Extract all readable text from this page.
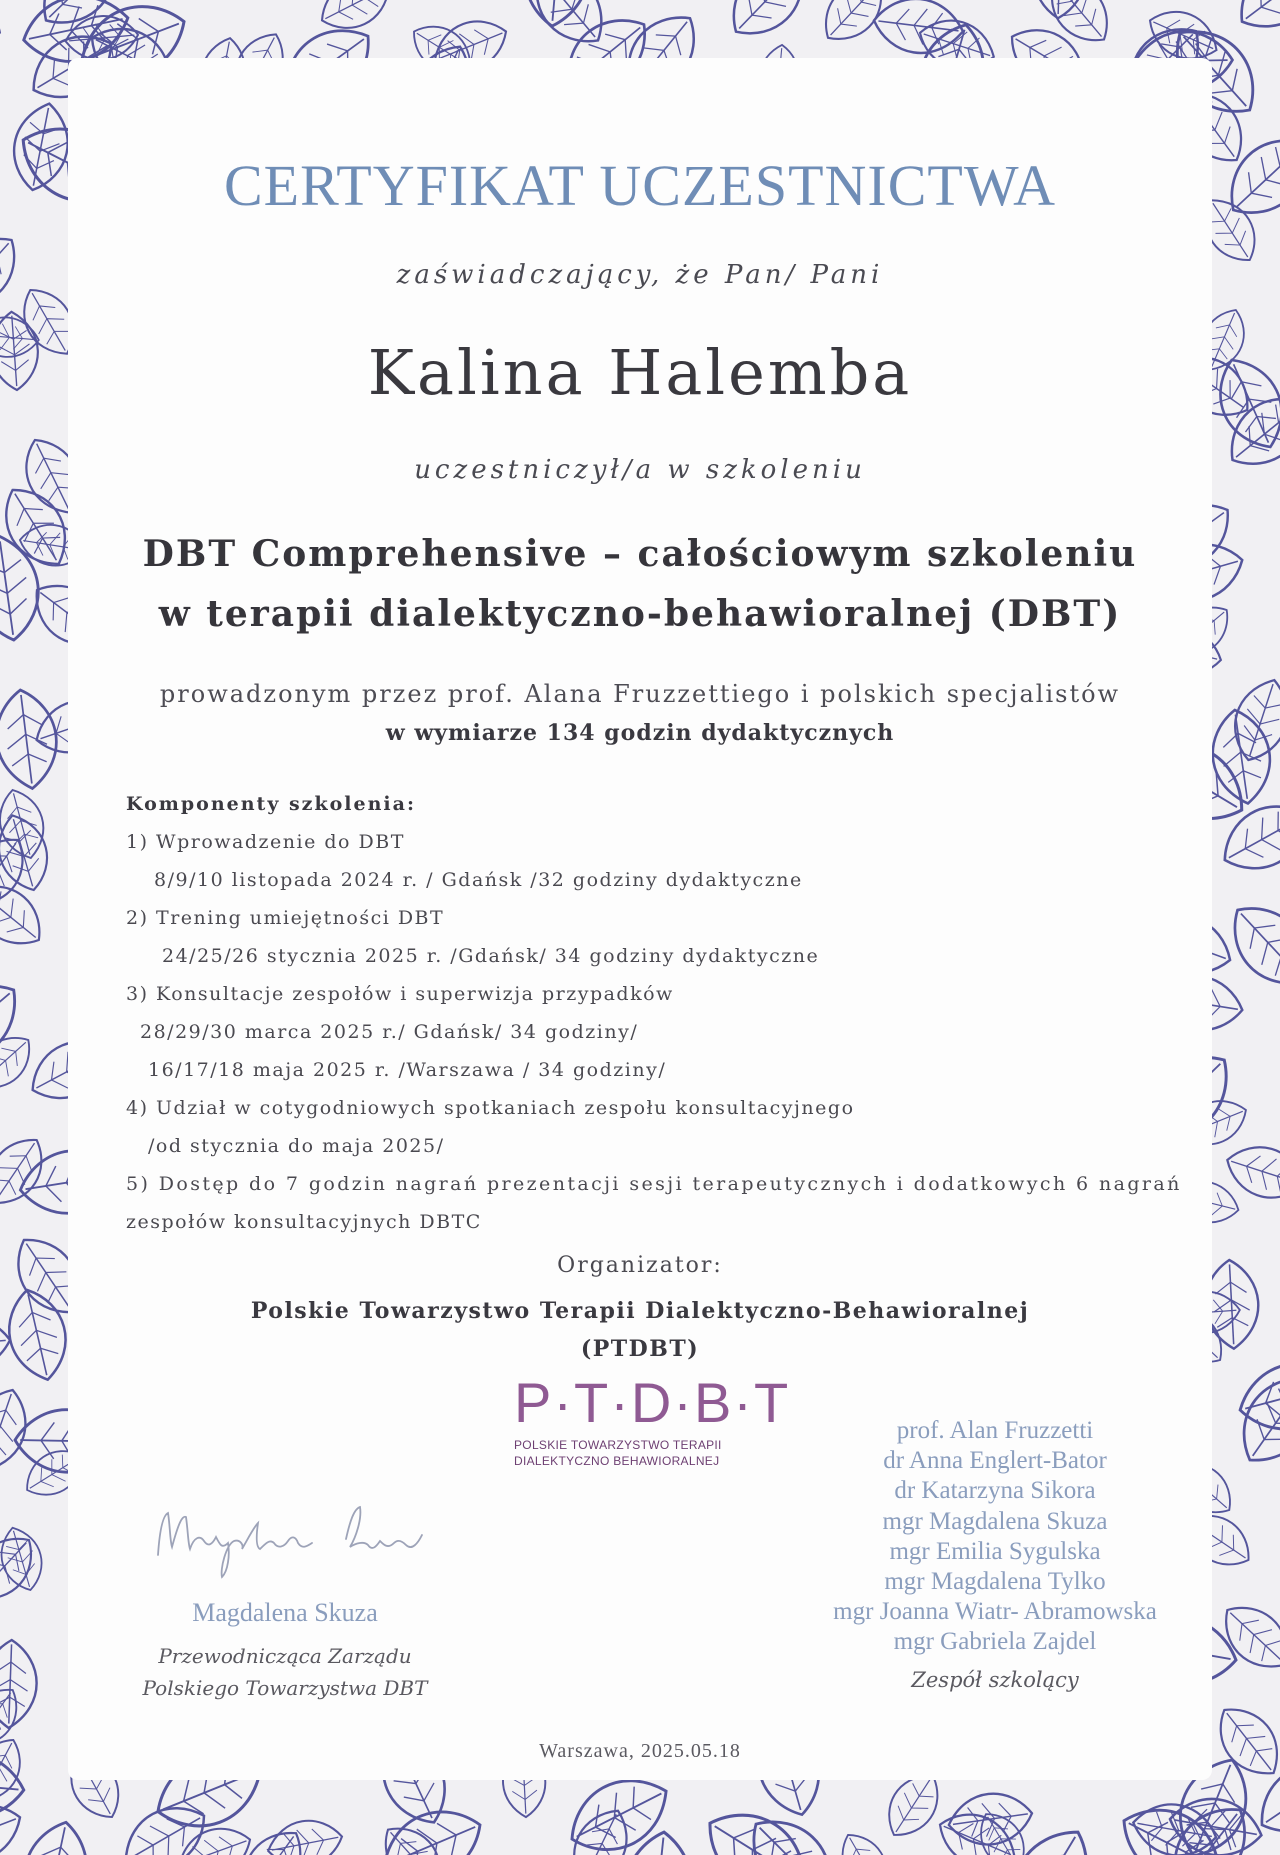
CERTYFIKAT UCZESTNICTWA
zaświadczający, że Pan/ Pani
Kalina Halemba
uczestniczył/a w szkoleniu
DBT Comprehensive – całościowym szkoleniu
w terapii dialektyczno-behawioralnej (DBT)
prowadzonym przez prof. Alana Fruzzettiego i polskich specjalistów
w wymiarze 134 godzin dydaktycznych
Komponenty szkolenia:
1) Wprowadzenie do DBT
8/9/10 listopada 2024 r. / Gdańsk /32 godziny dydaktyczne
2) Trening umiejętności DBT
24/25/26 stycznia 2025 r. /Gdańsk/ 34 godziny dydaktyczne
3) Konsultacje zespołów i superwizja przypadków
28/29/30 marca 2025 r./ Gdańsk/ 34 godziny/
16/17/18 maja 2025 r. /Warszawa / 34 godziny/
4) Udział w cotygodniowych spotkaniach zespołu konsultacyjnego
/od stycznia do maja 2025/
5) Dostęp do 7 godzin nagrań prezentacji sesji terapeutycznych i dodatkowych 6 nagrań
zespołów konsultacyjnych DBTC
Organizator:
Polskie Towarzystwo Terapii Dialektyczno-Behawioralnej
(PTDBT)
P·T·D·B·T
POLSKIE TOWARZYSTWO TERAPII
DIALEKTYCZNO BEHAWIORALNEJ
Magdalena Skuza
Przewodnicząca Zarządu
Polskiego Towarzystwa DBT
prof. Alan Fruzzetti
dr Anna Englert-Bator
dr Katarzyna Sikora
mgr Magdalena Skuza
mgr Emilia Sygulska
mgr Magdalena Tylko
mgr Joanna Wiatr- Abramowska
mgr Gabriela Zajdel
Zespół szkolący
Warszawa, 2025.05.18
